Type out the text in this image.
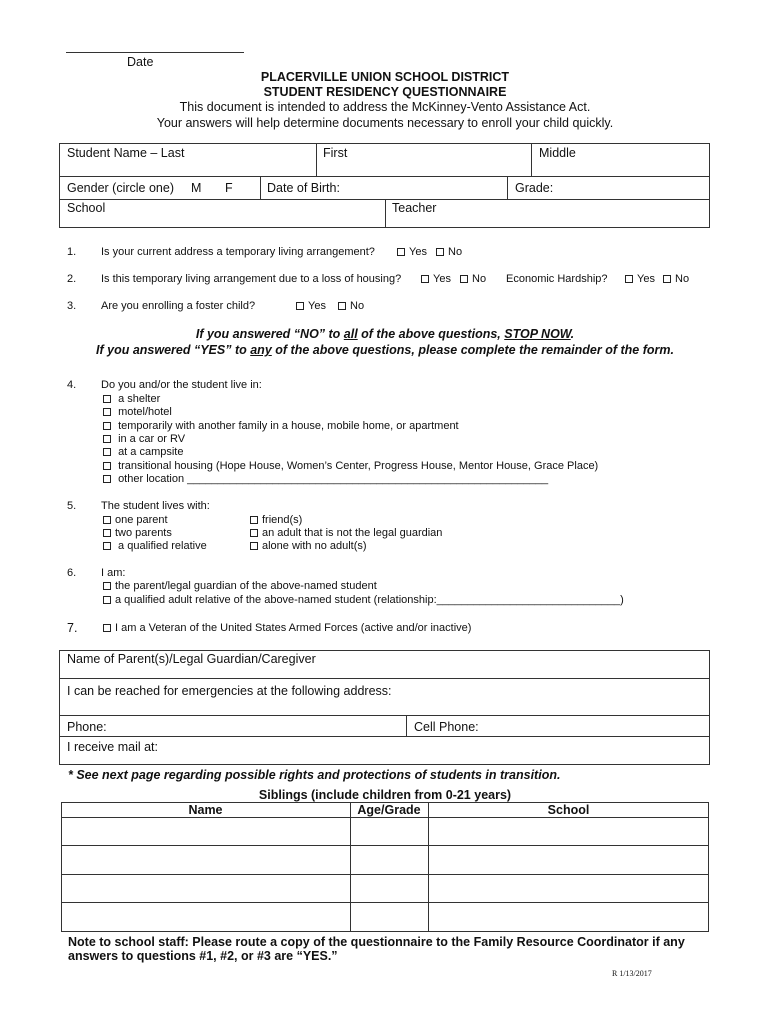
Date
PLACERVILLE UNION SCHOOL DISTRICT
STUDENT RESIDENCY QUESTIONNAIRE
This document is intended to address the McKinney-Vento Assistance Act.
Your answers will help determine documents necessary to enroll your child quickly.
Student Name – Last	First	Middle
Gender (circle one) M F	Date of Birth:	Grade:
School	Teacher
1. Is your current address a temporary living arrangement?	Yes	No
2. Is this temporary living arrangement due to a loss of housing?	Yes	No Economic Hardship?	Yes	No
3. Are you enrolling a foster child?	Yes	No
If you answered “NO” to all of the above questions, STOP NOW.
If you answered “YES” to any of the above questions, please complete the remainder of the form.
4. Do you and/or the student live in:
a shelter
motel/hotel
temporarily with another family in a house, mobile home, or apartment
in a car or RV
at a campsite
transitional housing (Hope House, Women’s Center, Progress House, Mentor House, Grace Place)
other location ___________________________________________________________
5. The student lives with:
one parent
two parents
a qualified relative
friend(s)
an adult that is not the legal guardian
alone with no adult(s)
6. I am:
the parent/legal guardian of the above-named student
a qualified adult relative of the above-named student (relationship:______________________________)
7.	I am a Veteran of the United States Armed Forces (active and/or inactive)
Name of Parent(s)/Legal Guardian/Caregiver
I can be reached for emergencies at the following address:
Phone:	Cell Phone:
I receive mail at:
* See next page regarding possible rights and protections of students in transition.
Siblings (include children from 0-21 years)
Name	Age/Grade	School
Note to school staff: Please route a copy of the questionnaire to the Family Resource Coordinator if any
answers to questions #1, #2, or #3 are “YES.”
R 1/13/2017
